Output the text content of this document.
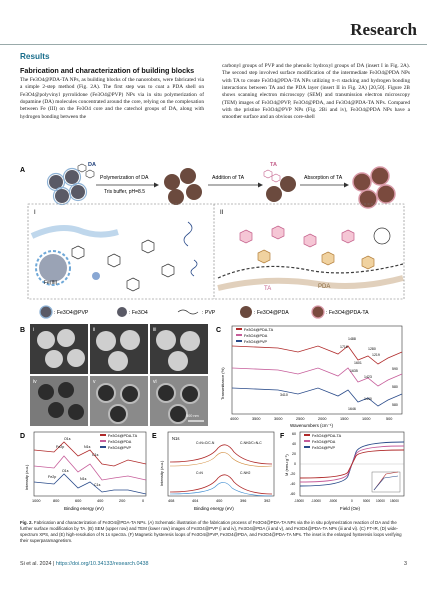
Research
Results
Fabrication and characterization of building blocks

The Fe3O4@PDA-TA NPs, as building blocks of the nanorobots, were fabricated via a simple 2-step method (Fig. 2A). The first step was to coat a PDA shell on Fe3O4@polyvinyl pyrrolidone (Fe3O4@PVP) NPs via in situ polymerization of dopamine (DA) molecules concentrated around the core, relying on the complexation between Fe (III) on the Fe3O4 core and the catechol groups of DA, along with hydrogen bonding between the

carbonyl groups of PVP and the phenolic hydroxyl groups of DA (insert I in Fig. 2A). The second step involved surface modification of the intermediate Fe3O4@PDA NPs with TA to create Fe3O4@PDA-TA NPs utilizing π–π stacking and hydrogen bonding interactions between TA and the PDA layer (insert II in Fig. 2A) [20,50]. Figure 2B shows scanning electron microscopy (SEM) and transmission electron microscopy (TEM) images of Fe3O4@PVP, Fe3O4@PDA, and Fe3O4@PDA-TA NPs. Compared with the pristine Fe3O4@PVP NPs (Fig. 2Bi and iv), Fe3O4@PDA NPs have a smoother surface and an obvious core-shell

A
DA
Polymerization of DA
Tris buffer, pH=8.5
Addition of TA
TA
Absorption of TA
I	II
Fe(III)
TA	PDA
: Fe3O4@PVP	: Fe3O4	: PVP	: Fe3O4@PDA	: Fe3O4@PDA-TA
B i	ii	iii
iv	v	vi
500 nm
C	Fe3O4@PDA-TA
Fe3O4@PDA
Fe3O4@PVP
1488
1716	1280
1219
1601
1635
1423
1440
3410
590
580
580
1646
Transmittance (%)
4000	3500	3000	2500	2000	1500	1000	500
Wavenumbers (cm⁻¹)
D	Fe3O4@PDA-TA
Fe3O4@PDA
Fe3O4@PVP
Fe2p
O1s
N1s
C1s
Fe2p
O1s
N1s
C1s
Intensity (a.u.)
1000	800	600	400	200	0
Binding energy (eV)
E	N1s
C=N=C/C-N	C-NH2/C=N-C
C=N	C-NH2
Intensity (a.u.)
408	404	400	396	392
Binding energy (eV)
F	Fe3O4@PDA-TA
Fe3O4@PDA
Fe3O4@PVP
M (emu g⁻¹)
60
40
20
0
-20
-40
-60
-15000 -10000	-5000	0	5000 10000 15000
Field (Oe)
Fig. 2. Fabrication and characterization of Fe3O4@PDA-TA NPs. (A) Schematic illustration of the fabrication process of Fe3O4@PDA-TA NPs via the in situ polymerization reaction of DA and the further surface modification by TA. (B) SEM (upper row) and TEM (lower row) images of Fe3O4@PVP (i and iv), Fe3O4@PDA (ii and v), and Fe3O4@PDA-TA NPs (iii and vi). (C) FT-IR, (D) wide-spectrum XPS, and (E) high-resolution of N 1s spectra. (F) Magnetic hysteresis loops of Fe3O4@PVP, Fe3O4@PDA, and Fe3O4@PDA-TA NPs. The inset is the enlarged hysteresis loops verifying their superparamagnetism.
Si et al. 2024 | https://doi.org/10.34133/research.0438	3
